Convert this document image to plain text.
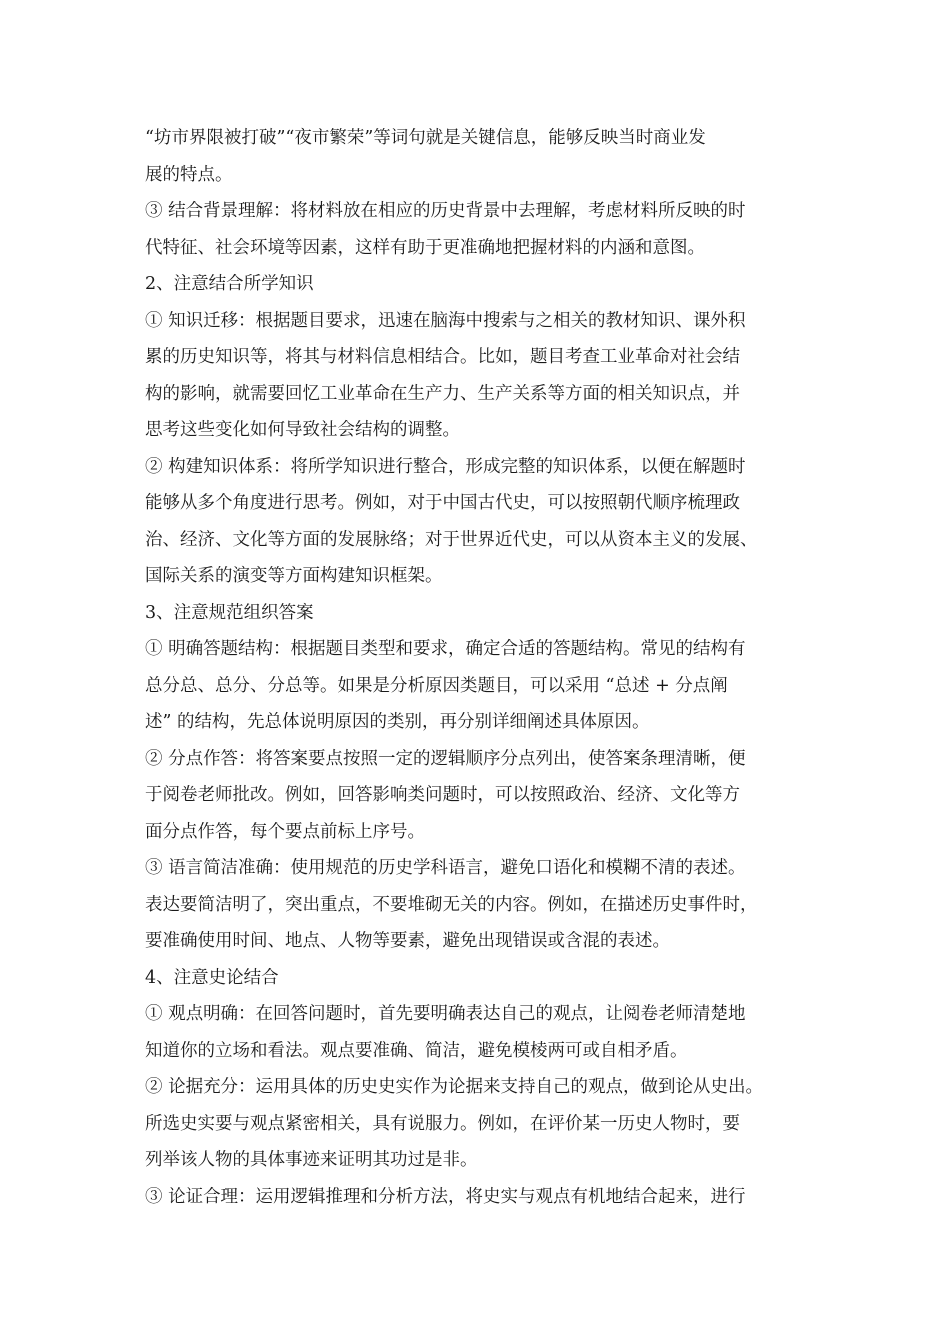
“坊市界限被打破”“夜市繁荣”等词句就是关键信息，能够反映当时商业发
展的特点。
③ 结合背景理解：将材料放在相应的历史背景中去理解，考虑材料所反映的时
代特征、社会环境等因素，这样有助于更准确地把握材料的内涵和意图。
2、注意结合所学知识
① 知识迁移：根据题目要求，迅速在脑海中搜索与之相关的教材知识、课外积
累的历史知识等，将其与材料信息相结合。比如，题目考查工业革命对社会结
构的影响，就需要回忆工业革命在生产力、生产关系等方面的相关知识点，并
思考这些变化如何导致社会结构的调整。
② 构建知识体系：将所学知识进行整合，形成完整的知识体系，以便在解题时
能够从多个角度进行思考。例如，对于中国古代史，可以按照朝代顺序梳理政
治、经济、文化等方面的发展脉络；对于世界近代史，可以从资本主义的发展、
国际关系的演变等方面构建知识框架。
3、注意规范组织答案
① 明确答题结构：根据题目类型和要求，确定合适的答题结构。常见的结构有
总分总、总分、分总等。如果是分析原因类题目，可以采用 “总述 + 分点阐
述” 的结构，先总体说明原因的类别，再分别详细阐述具体原因。
② 分点作答：将答案要点按照一定的逻辑顺序分点列出，使答案条理清晰，便
于阅卷老师批改。例如，回答影响类问题时，可以按照政治、经济、文化等方
面分点作答，每个要点前标上序号。
③ 语言简洁准确：使用规范的历史学科语言，避免口语化和模糊不清的表述。
表达要简洁明了，突出重点，不要堆砌无关的内容。例如，在描述历史事件时，
要准确使用时间、地点、人物等要素，避免出现错误或含混的表述。
4、注意史论结合
① 观点明确：在回答问题时，首先要明确表达自己的观点，让阅卷老师清楚地
知道你的立场和看法。观点要准确、简洁，避免模棱两可或自相矛盾。
② 论据充分：运用具体的历史史实作为论据来支持自己的观点，做到论从史出。
所选史实要与观点紧密相关，具有说服力。例如，在评价某一历史人物时，要
列举该人物的具体事迹来证明其功过是非。
③ 论证合理：运用逻辑推理和分析方法，将史实与观点有机地结合起来，进行
